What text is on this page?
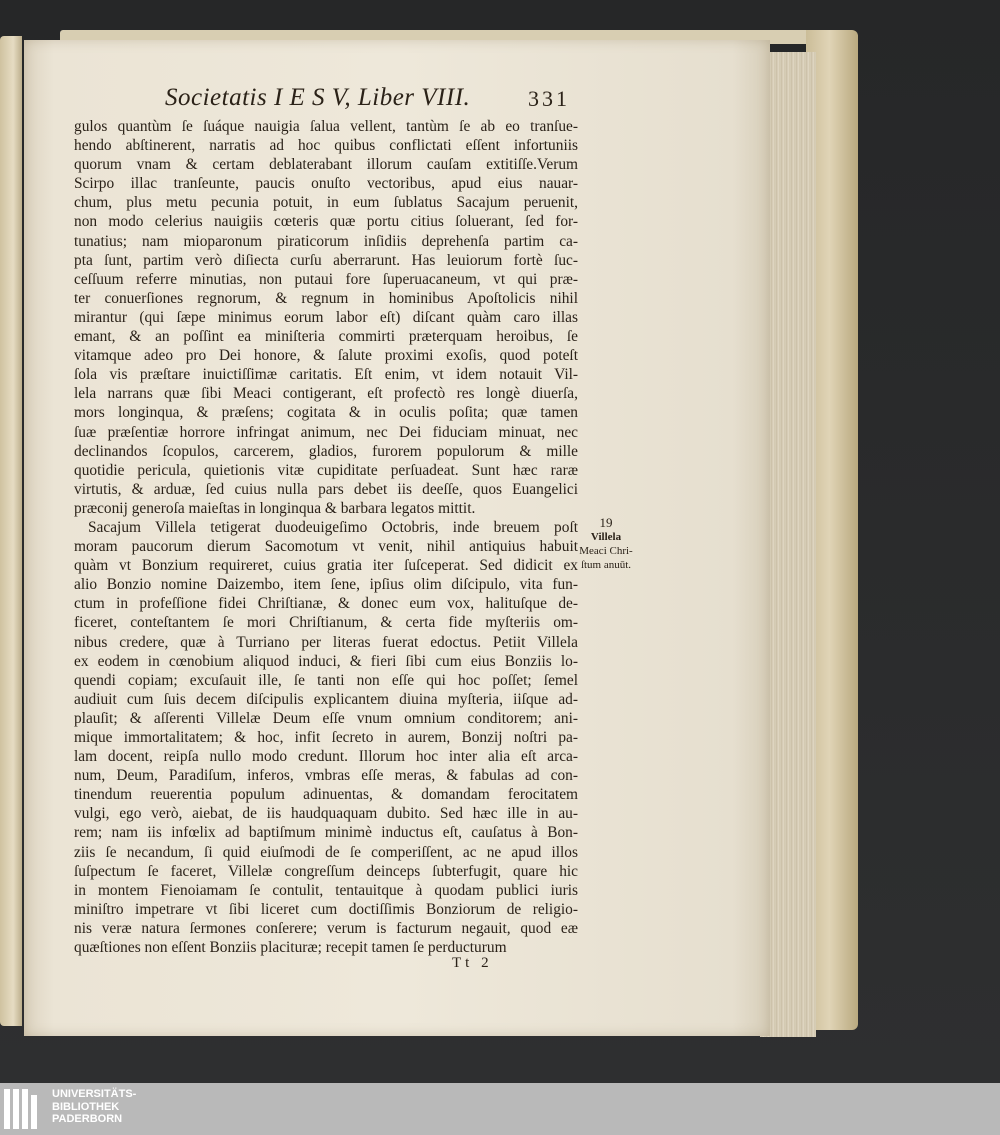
Societatis I E S V, Liber VIII.	331
gulos quantùm ſe ſuáque nauigia ſalua vellent, tantùm ſe ab eo tranſue-
hendo abſtinerent, narratis ad hoc quibus conflictati eſſent infortuniis
quorum vnam & certam deblaterabant illorum cauſam extitiſſe.Verum
Scirpo illac tranſeunte, paucis onuſto vectoribus, apud eius nauar-
chum, plus metu pecunia potuit, in eum ſublatus Sacajum peruenit,
non modo celerius nauigiis cœteris quæ portu citius ſoluerant, ſed for-
tunatius; nam mioparonum piraticorum inſidiis deprehenſa partim ca-
pta ſunt, partim verò diſiecta curſu aberrarunt. Has leuiorum fortè ſuc-
ceſſuum referre minutias, non putaui fore ſuperuacaneum, vt qui præ-
ter conuerſiones regnorum, & regnum in hominibus Apoſtolicis nihil
mirantur (qui ſæpe minimus eorum labor eſt) diſcant quàm caro illas
emant, & an poſſint ea miniſteria commirti præterquam heroibus, ſe
vitamque adeo pro Dei honore, & ſalute proximi exoſis, quod poteſt
ſola vis præſtare inuictiſſimæ caritatis. Eſt enim, vt idem notauit Vil-
lela narrans quæ ſibi Meaci contigerant, eſt profectò res longè diuerſa,
mors longinqua, & præſens; cogitata & in oculis poſita; quæ tamen
ſuæ præſentiæ horrore infringat animum, nec Dei fiduciam minuat, nec
declinandos ſcopulos, carcerem, gladios, furorem populorum & mille
quotidie pericula, quietionis vitæ cupiditate perſuadeat. Sunt hæc raræ
virtutis, & arduæ, ſed cuius nulla pars debet iis deeſſe, quos Euangelici
præconij generoſa maieſtas in longinqua & barbara legatos mittit.
Sacajum Villela tetigerat duodeuigeſimo Octobris, inde breuem poſt
moram paucorum dierum Sacomotum vt venit, nihil antiquius habuit
quàm vt Bonzium requireret, cuius gratia iter ſuſceperat. Sed didicit ex
alio Bonzio nomine Daizembo, item ſene, ipſius olim diſcipulo, vita fun-
ctum in profeſſione fidei Chriſtianæ, & donec eum vox, halituſque de-
ficeret, conteſtantem ſe mori Chriſtianum, & certa fide myſteriis om-
nibus credere, quæ à Turriano per literas fuerat edoctus. Petiit Villela
ex eodem in cœnobium aliquod induci, & fieri ſibi cum eius Bonziis lo-
quendi copiam; excuſauit ille, ſe tanti non eſſe qui hoc poſſet; ſemel
audiuit cum ſuis decem diſcipulis explicantem diuina myſteria, iiſque ad-
plauſit; & aſſerenti Villelæ Deum eſſe vnum omnium conditorem; ani-
mique immortalitatem; & hoc, infit ſecreto in aurem, Bonzij noſtri pa-
lam docent, reipſa nullo modo credunt. Illorum hoc inter alia eſt arca-
num, Deum, Paradiſum, inferos, vmbras eſſe meras, & fabulas ad con-
tinendum reuerentia populum adinuentas, & domandam ferocitatem
vulgi, ego verò, aiebat, de iis haudquaquam dubito. Sed hæc ille in au-
rem; nam iis infœlix ad baptiſmum minimè inductus eſt, cauſatus à Bon-
ziis ſe necandum, ſi quid eiuſmodi de ſe comperiſſent, ac ne apud illos
ſuſpectum ſe faceret, Villelæ congreſſum deinceps ſubterfugit, quare hic
in montem Fienoiamam ſe contulit, tentauitque à quodam publici iuris
miniſtro impetrare vt ſibi liceret cum doctiſſimis Bonziorum de religio-
nis veræ natura ſermones conſerere; verum is facturum negauit, quod eæ
quæſtiones non eſſent Bonziis placituræ; recepit tamen ſe perducturum
19
Villela
Meaci Chri-
ſtum anuūt.
Tt 2
UNIVERSITÄTS-
BIBLIOTHEK
PADERBORN
